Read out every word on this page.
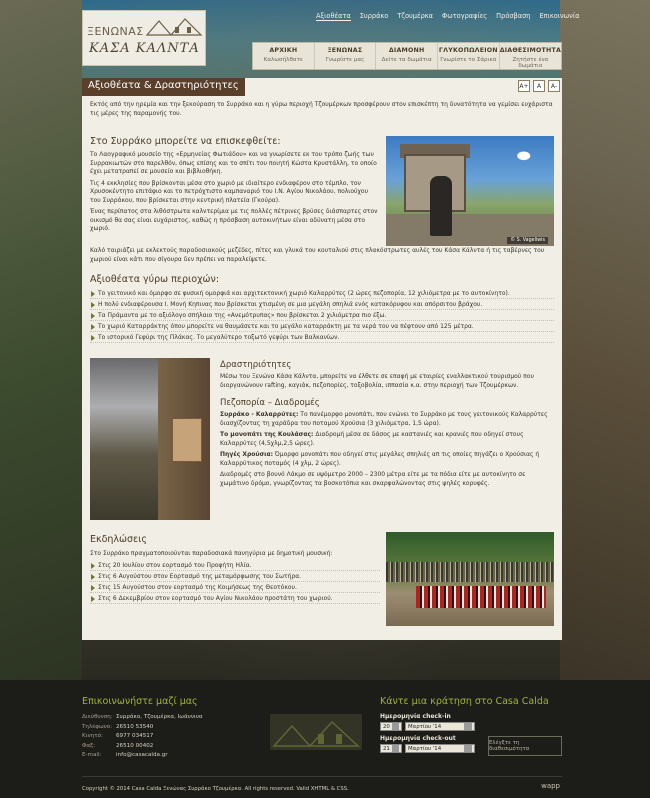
ΞΕΝΩΝΑΣ
ΚΑΣΑ ΚΑΛΝΤΑ
Αξιοθέατα Συρράκο Τζουμέρκα Φωτογραφίες Πρόσβαση Επικοινωνία
ΑΡΧΙΚΗ
Καλωσήλθατε
ΞΕΝΩΝΑΣ
Γνωρίστε μας
ΔΙΑΜΟΝΗ
Δείτε τα δωμάτια
ΓΛΥΚΟΠΩΛΕΙΟΝ
Γνωρίστε το Σάρικα
ΔΙΑΘΕΣΙΜΟΤΗΤΑ
Ζητήστε ένα δωμάτιο
Αξιοθέατα & Δραστηριότητες	A+	A	A-
Εκτός από την ηρεμία και την ξεκούραση το Συρράκο και η γύρω περιοχή Τζουμέρκων προσφέρουν στον επισκέπτη τη δυνατότητα να γεμίσει ευχάριστα τις μέρες της παραμονής του.
Στο Συρράκο μπορείτε να επισκεφθείτε:

Το Λαογραφικό μουσείο της «Ερμηνείας Φωτιάδου» και να γνωρίσετε εκ του τρόπο ζωής των Συρρακιωτών στο παρελθόν, όπως επίσης και το σπίτι του ποιητή Κώστα Κρυστάλλη, το οποίο έχει μετατραπεί σε μουσείο και βιβλιοθήκη.

Τις 4 εκκλησίες που βρίσκονται μέσα στο χωριό με ιδιαίτερο ενδιαφέρον στο τέμπλο, τον Χρυσοκέντητο επιτάφιο και το πετρόχτιστο καμπαναριό του Ι.Ν. Αγίου Νικολάου, πολιούχου του Συρράκου, που βρίσκεται στην κεντρική πλατεία (Γκούρα).

Ένας περίπατος στα λιθόστρωτα καλντερίμια με τις πολλές πέτρινες βρύσες διάσπαρτες στον οικισμό θα σας είναι ευχάριστος, καθώς η πρόσβαση αυτοκινήτων είναι αδύνατη μέσα στο χωριό.

© S. Vageliwis
Καλό ταιριάζει με εκλεκτούς παραδοσιακούς μεζέδες, πίτες και γλυκά του κουταλιού στις πλακόστρωτες αυλές του Κάσα Κάλντα ή τις ταβέρνες του χωριού είναι κάτι που σίγουρα δεν πρέπει να παραλείψετε.
Αξιοθέατα γύρω περιοχών:
Το γειτονικό και όμορφο σε φυσική ομορφιά και αρχιτεκτονική χωριό Καλαρρύτες (2 ώρες πεζοπορία, 12 χιλιόμετρα με το αυτοκίνητο).
Η πολύ ενδιαφέρουσα Ι. Μονή Κηπινας που βρίσκεται χτισμένη σε μια μεγάλη σπηλιά ενός κατακόρυφου και απόρσιτου βράχου.
Τα Πράμαντα με το αξιόλογο σπήλαιο της «Ανεμότρυπας» που βρίσκεται 2 χιλιόμετρα πιο έξω.
Το χωριό Καταρράκτης όπου μπορείτε να θαυμάσετε και το μεγάλο καταρράκτη με τα νερά του να πέφτουν από 125 μέτρα.
Το ιστορικό Γεφύρι της Πλάκας. Το μεγαλύτερο τοξωτό γεφύρι των Βαλκανίων.
Δραστηριότητες

Μέσω του Ξενώνα Κάσα Κάλντα, μπορείτε να έλθετε σε επαφή με εταιρίες εναλλακτικού τουρισμού που διοργανώνουν rafting, καγιάκ, πεζοπορίες, τοξοβολία, ιππασία κ.α. στην περιοχή των Τζουμέρκων.

Πεζοπορία – Διαδρομές

Συρράκο - Καλαρρύτες: Το πανέμορφο μονοπάτι, που ενώνει το Συρράκο με τους γειτονικούς Καλαρρύτες διασχίζοντας τη χαράδρα του ποταμού Χρούσια (3 χιλιόμετρα, 1,5 ώρα).

Το μονοπάτι της Κουλάσας: Διαδρομή μέσα σε δάσος με καστανιές και κρανιές που οδηγεί στους Καλαρρύτες (4,5χλμ,2,5 ώρες).

Πηγές Χρούσια: Όμορφο μονοπάτι που οδηγεί στις μεγάλες σπηλιές απ τις οποίες πηγάζει ο Χρούσιας ή Καλαρρύτικος ποταμός (4 χλμ, 2 ώρες).

Διαδρομές στο βουνό Λάκμο σε υψόμετρο 2000 – 2300 μέτρα είτε με τα πόδια είτε με αυτοκίνητο σε χωμάτινο δρόμο, γνωρίζοντας τα βοσκοτόπια και σκαρφαλώνοντας στις ψηλές κορυφές.

Εκδηλώσεις

Στο Συρράκο πραγματοποιούνται παραδοσιακά πανηγύρια με δημοτική μουσική:

Στις 20 Ιουλίου στον εορτασμό του Προφήτη Ηλία.
Στις 6 Αυγούστου στον Εορτασμό της μεταμόρφωσης του Σωτήρα.
Στις 15 Αυγούστου στον εορτασμό της Κοιμήσεως της Θεοτόκου.
Στις 6 Δεκεμβρίου στον εορτασμό του Αγίου Νικολάου προστάτη του χωριού.
Επικοινωνήστε μαζί μας
Διεύθυνση: Συρράκο, Τζουμέρκα, Ιωάννινα
Τηλέφωνο: 26510 53540
Κινητό:	6977 034517
Φαξ:	26510 00402
E-mail:	info@casacalda.gr
Κάντε μια κράτηση στο Casa Calda
Ημερομηνία check-in
20	Μαρτίου '14
Ημερομηνία check-out
21	Μαρτίου '14
Ελέγξτε τη διαθεσιμότητα
Copyright © 2014 Casa Calda Ξενώνας Συρράκο Τζουμέρκα. All rights reserved. Valid XHTML & CSS.	wapp
